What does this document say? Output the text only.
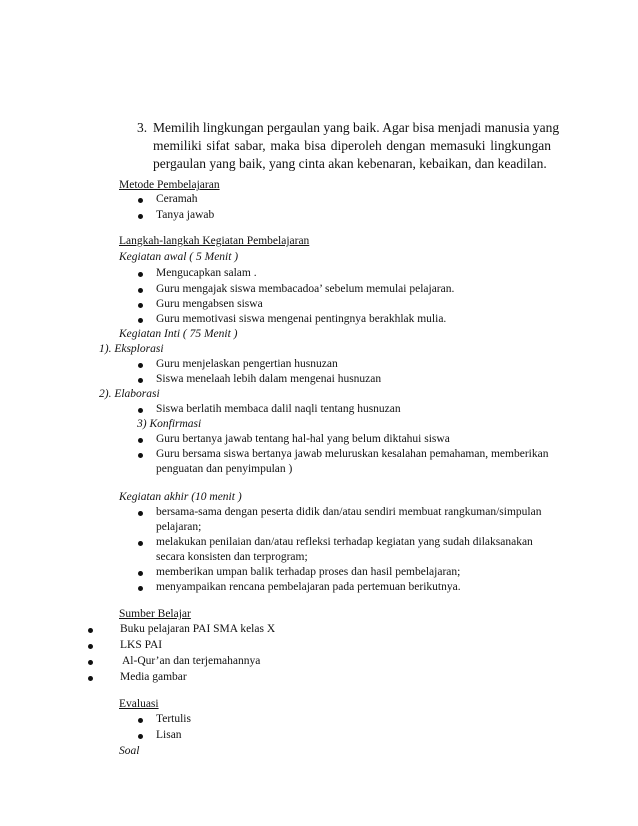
3. Memilih lingkungan pergaulan yang baik. Agar bisa menjadi manusia yang
memiliki sifat sabar, maka bisa diperoleh dengan memasuki lingkungan
pergaulan yang baik, yang cinta akan kebenaran, kebaikan, dan keadilan.
Metode Pembelajaran
Ceramah
Tanya jawab
Langkah-langkah Kegiatan Pembelajaran
Kegiatan awal ( 5 Menit )
Mengucapkan salam .
Guru mengajak siswa membacadoa’ sebelum memulai pelajaran.
Guru mengabsen siswa
Guru memotivasi siswa mengenai pentingnya berakhlak mulia.
Kegiatan Inti ( 75 Menit )
1). Eksplorasi
Guru menjelaskan pengertian husnuzan
Siswa menelaah lebih dalam mengenai husnuzan
2). Elaborasi
Siswa berlatih membaca dalil naqli tentang husnuzan
3) Konfirmasi
Guru bertanya jawab tentang hal-hal yang belum diktahui siswa
Guru bersama siswa bertanya jawab meluruskan kesalahan pemahaman, memberikan
penguatan dan penyimpulan )
Kegiatan akhir (10 menit )
bersama-sama dengan peserta didik dan/atau sendiri membuat rangkuman/simpulan
pelajaran;
melakukan penilaian dan/atau refleksi terhadap kegiatan yang sudah dilaksanakan
secara konsisten dan terprogram;
memberikan umpan balik terhadap proses dan hasil pembelajaran;
menyampaikan rencana pembelajaran pada pertemuan berikutnya.
Sumber Belajar
Buku pelajaran PAI SMA kelas X
LKS PAI
Al-Qur’an dan terjemahannya
Media gambar
Evaluasi
Tertulis
Lisan
Soal
